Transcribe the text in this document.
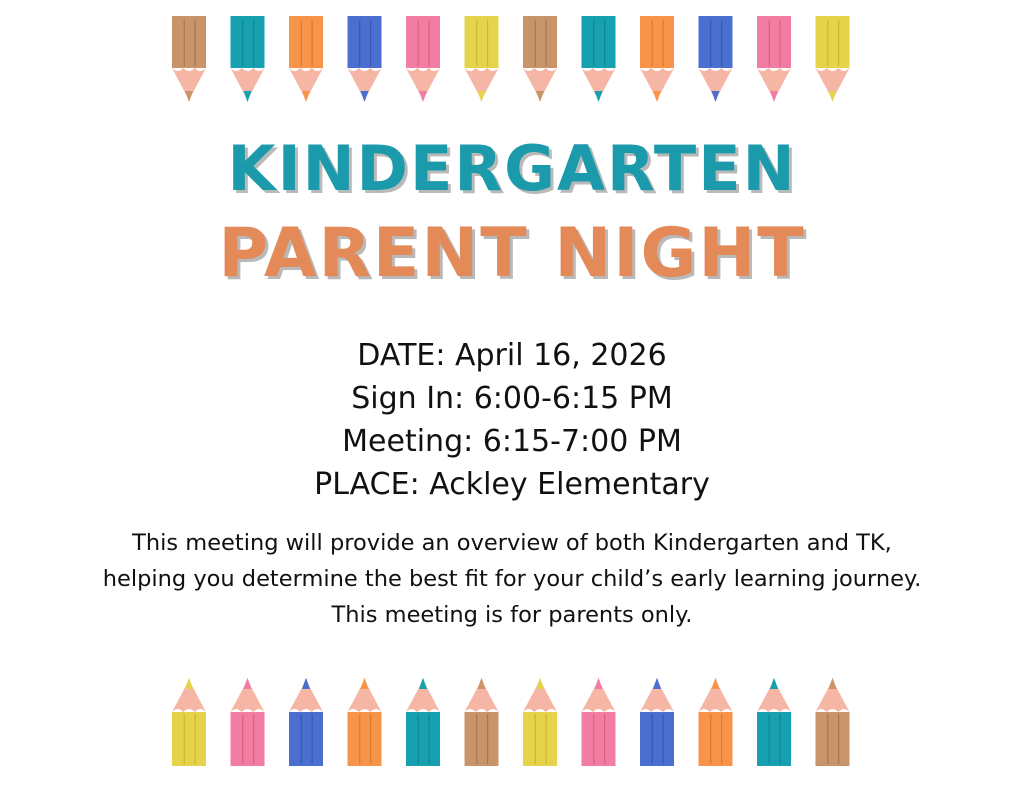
KINDERGARTEN
PARENT NIGHT
DATE: April 16, 2026
Sign In: 6:00-6:15 PM
Meeting: 6:15-7:00 PM
PLACE: Ackley Elementary
This meeting will provide an overview of both Kindergarten and TK,
helping you determine the best fit for your child’s early learning journey.
This meeting is for parents only.
